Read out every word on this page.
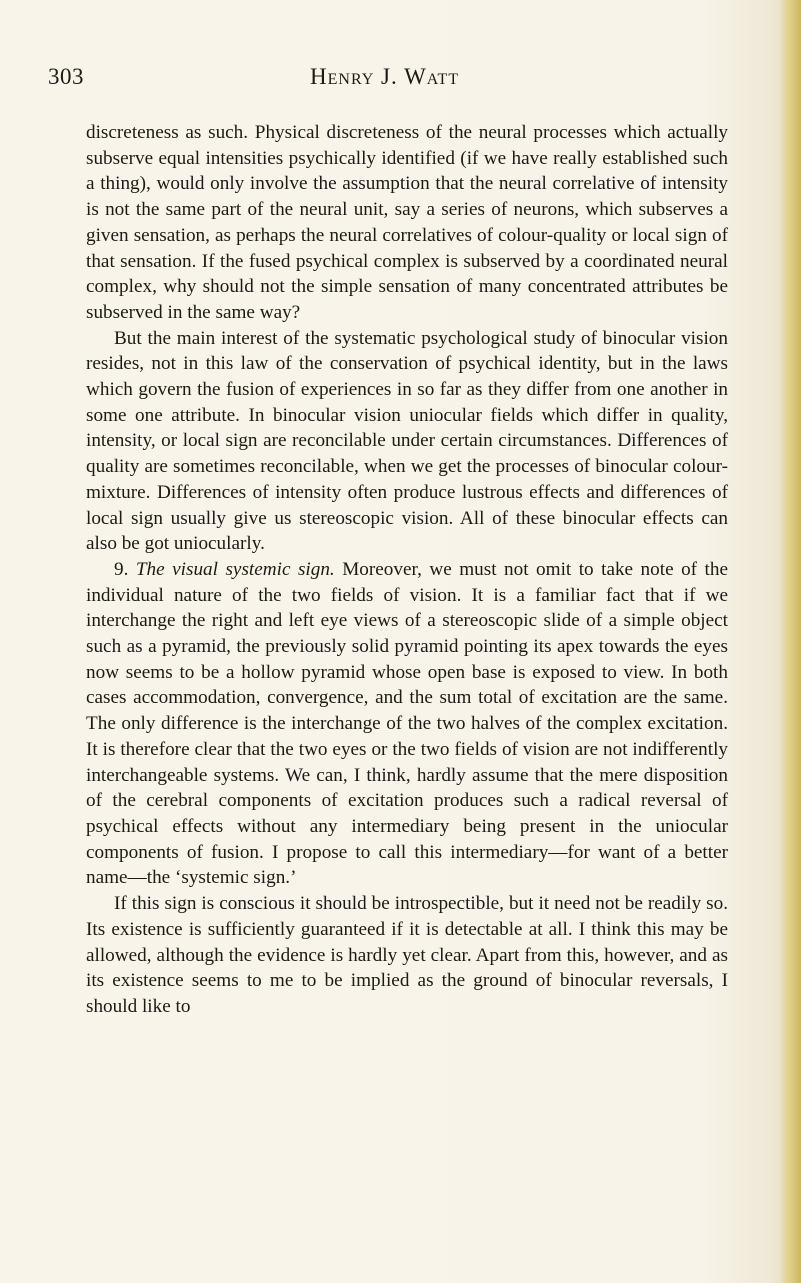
303	Henry J. Watt

discreteness as such. Physical discreteness of the neural processes which actually subserve equal intensities psychically identified (if we have really established such a thing), would only involve the assumption that the neural correlative of intensity is not the same part of the neural unit, say a series of neurons, which subserves a given sensation, as perhaps the neural correlatives of colour-quality or local sign of that sensation. If the fused psychical complex is subserved by a coordinated neural complex, why should not the simple sensation of many concentrated attributes be subserved in the same way?

But the main interest of the systematic psychological study of binocular vision resides, not in this law of the conservation of psychical identity, but in the laws which govern the fusion of experiences in so far as they differ from one another in some one attribute. In binocular vision uniocular fields which differ in quality, intensity, or local sign are reconcilable under certain circumstances. Differences of quality are sometimes reconcilable, when we get the processes of binocular colour-mixture. Differences of intensity often produce lustrous effects and differences of local sign usually give us stereoscopic vision. All of these binocular effects can also be got uniocularly.

9. The visual systemic sign. Moreover, we must not omit to take note of the individual nature of the two fields of vision. It is a familiar fact that if we interchange the right and left eye views of a stereoscopic slide of a simple object such as a pyramid, the previously solid pyramid pointing its apex towards the eyes now seems to be a hollow pyramid whose open base is exposed to view. In both cases accommodation, convergence, and the sum total of excitation are the same. The only difference is the interchange of the two halves of the complex excitation. It is therefore clear that the two eyes or the two fields of vision are not indifferently interchangeable systems. We can, I think, hardly assume that the mere disposition of the cerebral components of excitation produces such a radical reversal of psychical effects without any intermediary being present in the uniocular components of fusion. I propose to call this intermediary—for want of a better name—the ‘systemic sign.’

If this sign is conscious it should be introspectible, but it need not be readily so. Its existence is sufficiently guaranteed if it is detectable at all. I think this may be allowed, although the evidence is hardly yet clear. Apart from this, however, and as its existence seems to me to be implied as the ground of binocular reversals, I should like to
